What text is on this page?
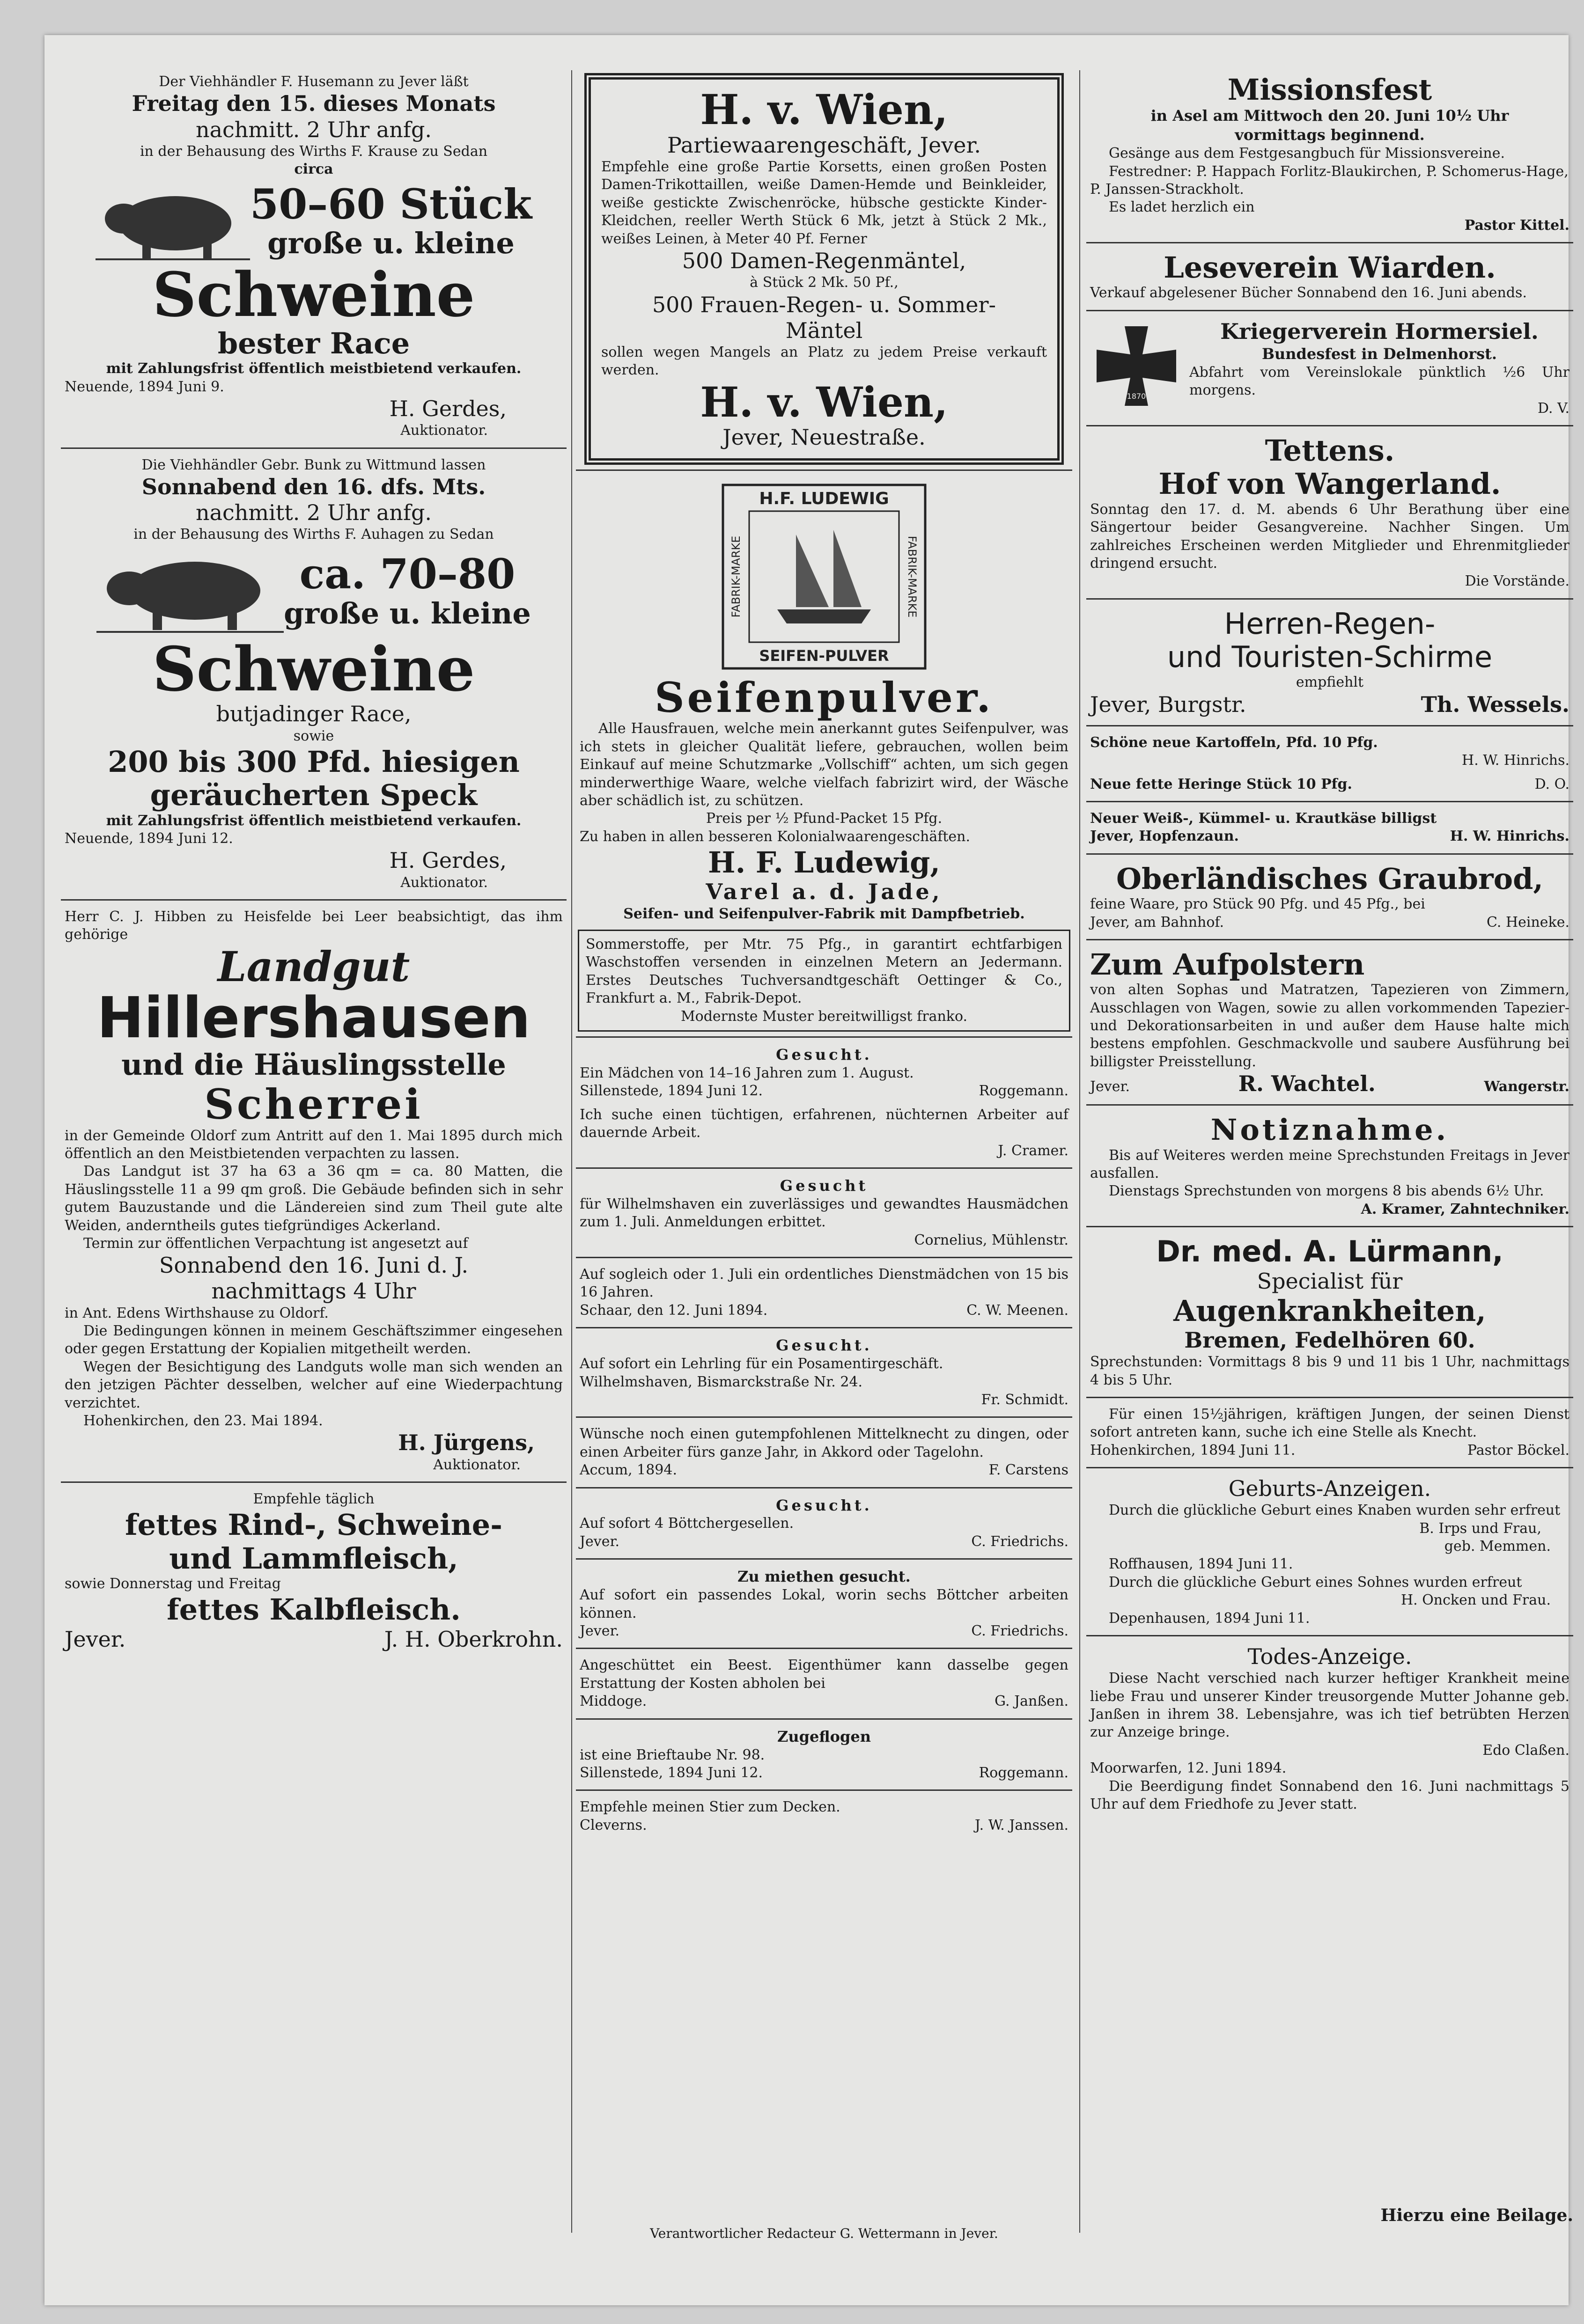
Der Viehhändler F. Husemann zu Jever läßt

Freitag den 15. dieses Monats

nachmitt. 2 Uhr anfg.

in der Behausung des Wirths F. Krause zu Sedan

circa

50–60 Stück

große u. kleine

Schweine

bester Race

mit Zahlungsfrist öffentlich meistbietend verkaufen.

Neuende, 1894 Juni 9.

H. Gerdes,

Auktionator.

Die Viehhändler Gebr. Bunk zu Wittmund lassen

Sonnabend den 16. dfs. Mts.

nachmitt. 2 Uhr anfg.

in der Behausung des Wirths F. Auhagen zu Sedan

ca. 70–80

große u. kleine

Schweine

butjadinger Race,

sowie

200 bis 300 Pfd. hiesigen

geräucherten Speck

mit Zahlungsfrist öffentlich meistbietend verkaufen.

Neuende, 1894 Juni 12.

H. Gerdes,

Auktionator.

Herr C. J. Hibben zu Heisfelde bei Leer beabsichtigt, das ihm gehörige

Landgut

Hillershausen

und die Häuslingsstelle

Scherrei

in der Gemeinde Oldorf zum Antritt auf den 1. Mai 1895 durch mich öffentlich an den Meistbietenden verpachten zu lassen.

Das Landgut ist 37 ha 63 a 36 qm = ca. 80 Matten, die Häuslingsstelle 11 a 99 qm groß. Die Gebäude befinden sich in sehr gutem Bauzustande und die Ländereien sind zum Theil gute alte Weiden, anderntheils gutes tiefgründiges Ackerland.

Termin zur öffentlichen Verpachtung ist angesetzt auf

Sonnabend den 16. Juni d. J.

nachmittags 4 Uhr

in Ant. Edens Wirthshause zu Oldorf.

Die Bedingungen können in meinem Geschäftszimmer eingesehen oder gegen Erstattung der Kopialien mitgetheilt werden.

Wegen der Besichtigung des Landguts wolle man sich wenden an den jetzigen Pächter desselben, welcher auf eine Wiederpachtung verzichtet.

Hohenkirchen, den 23. Mai 1894.

H. Jürgens,

Auktionator.

Empfehle täglich

fettes Rind-, Schweine-

und Lammfleisch,

sowie Donnerstag und Freitag

fettes Kalbfleisch.

Jever.	J. H. Oberkrohn.

H. v. Wien,

Partiewaarengeschäft, Jever.

Empfehle eine große Partie Korsetts, einen großen Posten Damen-Trikottaillen, weiße Damen-Hemde und Beinkleider, weiße gestickte Zwischenröcke, hübsche gestickte Kinder-Kleidchen, reeller Werth Stück 6 Mk, jetzt à Stück 2 Mk., weißes Leinen, à Meter 40 Pf. Ferner

500 Damen-Regenmäntel,

à Stück 2 Mk. 50 Pf.,

500 Frauen-Regen- u. Sommer-

Mäntel

sollen wegen Mangels an Platz zu jedem Preise verkauft werden.

H. v. Wien,

Jever, Neuestraße.

H.F. LUDEWIG
SEIFEN-PULVER
FABRIK-MARKE	FABRIK-MARKE

Seifenpulver.

Alle Hausfrauen, welche mein anerkannt gutes Seifenpulver, was ich stets in gleicher Qualität liefere, gebrauchen, wollen beim Einkauf auf meine Schutzmarke „Vollschiff“ achten, um sich gegen minderwerthige Waare, welche vielfach fabrizirt wird, der Wäsche aber schädlich ist, zu schützen.

Preis per ½ Pfund-Packet 15 Pfg.

Zu haben in allen besseren Kolonialwaarengeschäften.

H. F. Ludewig,

Varel a. d. Jade,

Seifen- und Seifenpulver-Fabrik mit Dampfbetrieb.

Sommerstoffe, per Mtr. 75 Pfg., in garantirt echtfarbigen Waschstoffen versenden in einzelnen Metern an Jedermann. Erstes Deutsches Tuchversandtgeschäft Oettinger & Co., Frankfurt a. M., Fabrik-Depot.

Modernste Muster bereitwilligst franko.

Gesucht.

Ein Mädchen von 14–16 Jahren zum 1. August.

Sillenstede, 1894 Juni 12.	Roggemann.

Ich suche einen tüchtigen, erfahrenen, nüchternen Arbeiter auf dauernde Arbeit.

J. Cramer.

Gesucht

für Wilhelmshaven ein zuverlässiges und gewandtes Hausmädchen zum 1. Juli. Anmeldungen erbittet.

Cornelius, Mühlenstr.

Auf sogleich oder 1. Juli ein ordentliches Dienstmädchen von 15 bis 16 Jahren.

Schaar, den 12. Juni 1894.	C. W. Meenen.

Gesucht.

Auf sofort ein Lehrling für ein Posamentirgeschäft.

Wilhelmshaven, Bismarckstraße Nr. 24.

Fr. Schmidt.

Wünsche noch einen gutempfohlenen Mittelknecht zu dingen, oder einen Arbeiter fürs ganze Jahr, in Akkord oder Tagelohn.

Accum, 1894.	F. Carstens

Gesucht.

Auf sofort 4 Böttchergesellen.

Jever.	C. Friedrichs.

Zu miethen gesucht.

Auf sofort ein passendes Lokal, worin sechs Böttcher arbeiten können.

Jever.	C. Friedrichs.

Angeschüttet ein Beest. Eigenthümer kann dasselbe gegen Erstattung der Kosten abholen bei

Middoge.	G. Janßen.

Zugeflogen

ist eine Brieftaube Nr. 98.

Sillenstede, 1894 Juni 12.	Roggemann.

Empfehle meinen Stier zum Decken.

Cleverns.	J. W. Janssen.
Verantwortlicher Redacteur G. Wettermann in Jever.

Missionsfest

in Asel am Mittwoch den 20. Juni 10½ Uhr

vormittags beginnend.

Gesänge aus dem Festgesangbuch für Missionsvereine.

Festredner: P. Happach Forlitz-Blaukirchen, P. Schomerus-Hage, P. Janssen-Strackholt.

Es ladet herzlich ein

Pastor Kittel.

Leseverein Wiarden.

Verkauf abgelesener Bücher Sonnabend den 16. Juni abends.

1870

Kriegerverein Hormersiel.

Bundesfest in Delmenhorst.

Abfahrt vom Vereinslokale pünktlich ½6 Uhr morgens.

D. V.

Tettens.

Hof von Wangerland.

Sonntag den 17. d. M. abends 6 Uhr Berathung über eine Sängertour beider Gesangvereine. Nachher Singen. Um zahlreiches Erscheinen werden Mitglieder und Ehrenmitglieder dringend ersucht.

Die Vorstände.

Herren-Regen-

und Touristen-Schirme

empfiehlt

Jever, Burgstr.	Th. Wessels.

Schöne neue Kartoffeln, Pfd. 10 Pfg.

H. W. Hinrichs.

Neue fette Heringe Stück 10 Pfg.	D. O.

Neuer Weiß-, Kümmel- u. Krautkäse billigst

Jever, Hopfenzaun.	H. W. Hinrichs.

Oberländisches Graubrod,

feine Waare, pro Stück 90 Pfg. und 45 Pfg., bei

Jever, am Bahnhof.	C. Heineke.

Zum Aufpolstern

von alten Sophas und Matratzen, Tapezieren von Zimmern, Ausschlagen von Wagen, sowie zu allen vorkommenden Tapezier- und Dekorationsarbeiten in und außer dem Hause halte mich bestens empfohlen. Geschmackvolle und saubere Ausführung bei billigster Preisstellung.

Jever.	R. Wachtel.	Wangerstr.

Notiznahme.

Bis auf Weiteres werden meine Sprechstunden Freitags in Jever ausfallen.

Dienstags Sprechstunden von morgens 8 bis abends 6½ Uhr.

A. Kramer, Zahntechniker.

Dr. med. A. Lürmann,

Specialist für

Augenkrankheiten,

Bremen, Fedelhören 60.

Sprechstunden: Vormittags 8 bis 9 und 11 bis 1 Uhr, nachmittags 4 bis 5 Uhr.

Für einen 15½jährigen, kräftigen Jungen, der seinen Dienst sofort antreten kann, suche ich eine Stelle als Knecht.

Hohenkirchen, 1894 Juni 11.	Pastor Böckel.

Geburts-Anzeigen.

Durch die glückliche Geburt eines Knaben wurden sehr erfreut

B. Irps und Frau,

geb. Memmen.

Roffhausen, 1894 Juni 11.

Durch die glückliche Geburt eines Sohnes wurden erfreut

H. Oncken und Frau.

Depenhausen, 1894 Juni 11.

Todes-Anzeige.

Diese Nacht verschied nach kurzer heftiger Krankheit meine liebe Frau und unserer Kinder treusorgende Mutter Johanne geb. Janßen in ihrem 38. Lebensjahre, was ich tief betrübten Herzen zur Anzeige bringe.

Edo Claßen.

Moorwarfen, 12. Juni 1894.

Die Beerdigung findet Sonnabend den 16. Juni nachmittags 5 Uhr auf dem Friedhofe zu Jever statt.

Hierzu eine Beilage.
